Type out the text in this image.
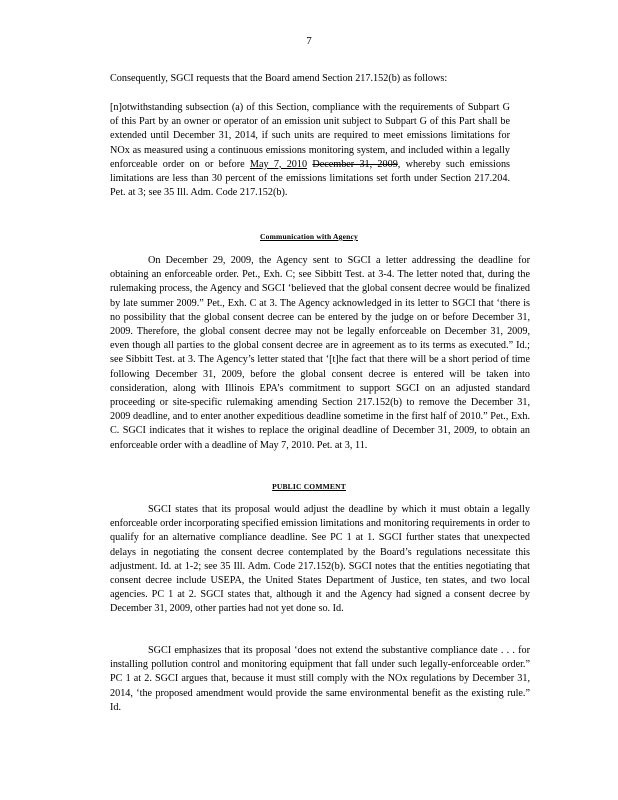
7
Consequently, SGCI requests that the Board amend Section 217.152(b) as follows:
[n]otwithstanding subsection (a) of this Section, compliance with the requirements of Subpart G of this Part by an owner or operator of an emission unit subject to Subpart G of this Part shall be extended until December 31, 2014, if such units are required to meet emissions limitations for NOx as measured using a continuous emissions monitoring system, and included within a legally enforceable order on or before May 7, 2010 December 31, 2009, whereby such emissions limitations are less than 30 percent of the emissions limitations set forth under Section 217.204. Pet. at 3; see 35 Ill. Adm. Code 217.152(b).
Communication with Agency
On December 29, 2009, the Agency sent to SGCI a letter addressing the deadline for obtaining an enforceable order. Pet., Exh. C; see Sibbitt Test. at 3-4. The letter noted that, during the rulemaking process, the Agency and SGCI ‘believed that the global consent decree would be finalized by late summer 2009.” Pet., Exh. C at 3. The Agency acknowledged in its letter to SGCI that ‘there is no possibility that the global consent decree can be entered by the judge on or before December 31, 2009. Therefore, the global consent decree may not be legally enforceable on December 31, 2009, even though all parties to the global consent decree are in agreement as to its terms as executed.” Id.; see Sibbitt Test. at 3. The Agency’s letter stated that ‘[t]he fact that there will be a short period of time following December 31, 2009, before the global consent decree is entered will be taken into consideration, along with Illinois EPA’s commitment to support SGCI on an adjusted standard proceeding or site-specific rulemaking amending Section 217.152(b) to remove the December 31, 2009 deadline, and to enter another expeditious deadline sometime in the first half of 2010.” Pet., Exh. C. SGCI indicates that it wishes to replace the original deadline of December 31, 2009, to obtain an enforceable order with a deadline of May 7, 2010. Pet. at 3, 11.
PUBLIC COMMENT
SGCI states that its proposal would adjust the deadline by which it must obtain a legally enforceable order incorporating specified emission limitations and monitoring requirements in order to qualify for an alternative compliance deadline. See PC 1 at 1. SGCI further states that unexpected delays in negotiating the consent decree contemplated by the Board’s regulations necessitate this adjustment. Id. at 1-2; see 35 Ill. Adm. Code 217.152(b). SGCI notes that the entities negotiating that consent decree include USEPA, the United States Department of Justice, ten states, and two local agencies. PC 1 at 2. SGCI states that, although it and the Agency had signed a consent decree by December 31, 2009, other parties had not yet done so. Id.
SGCI emphasizes that its proposal ‘does not extend the substantive compliance date . . . for installing pollution control and monitoring equipment that fall under such legally-enforceable order.” PC 1 at 2. SGCI argues that, because it must still comply with the NOx regulations by December 31, 2014, ‘the proposed amendment would provide the same environmental benefit as the existing rule.” Id.
